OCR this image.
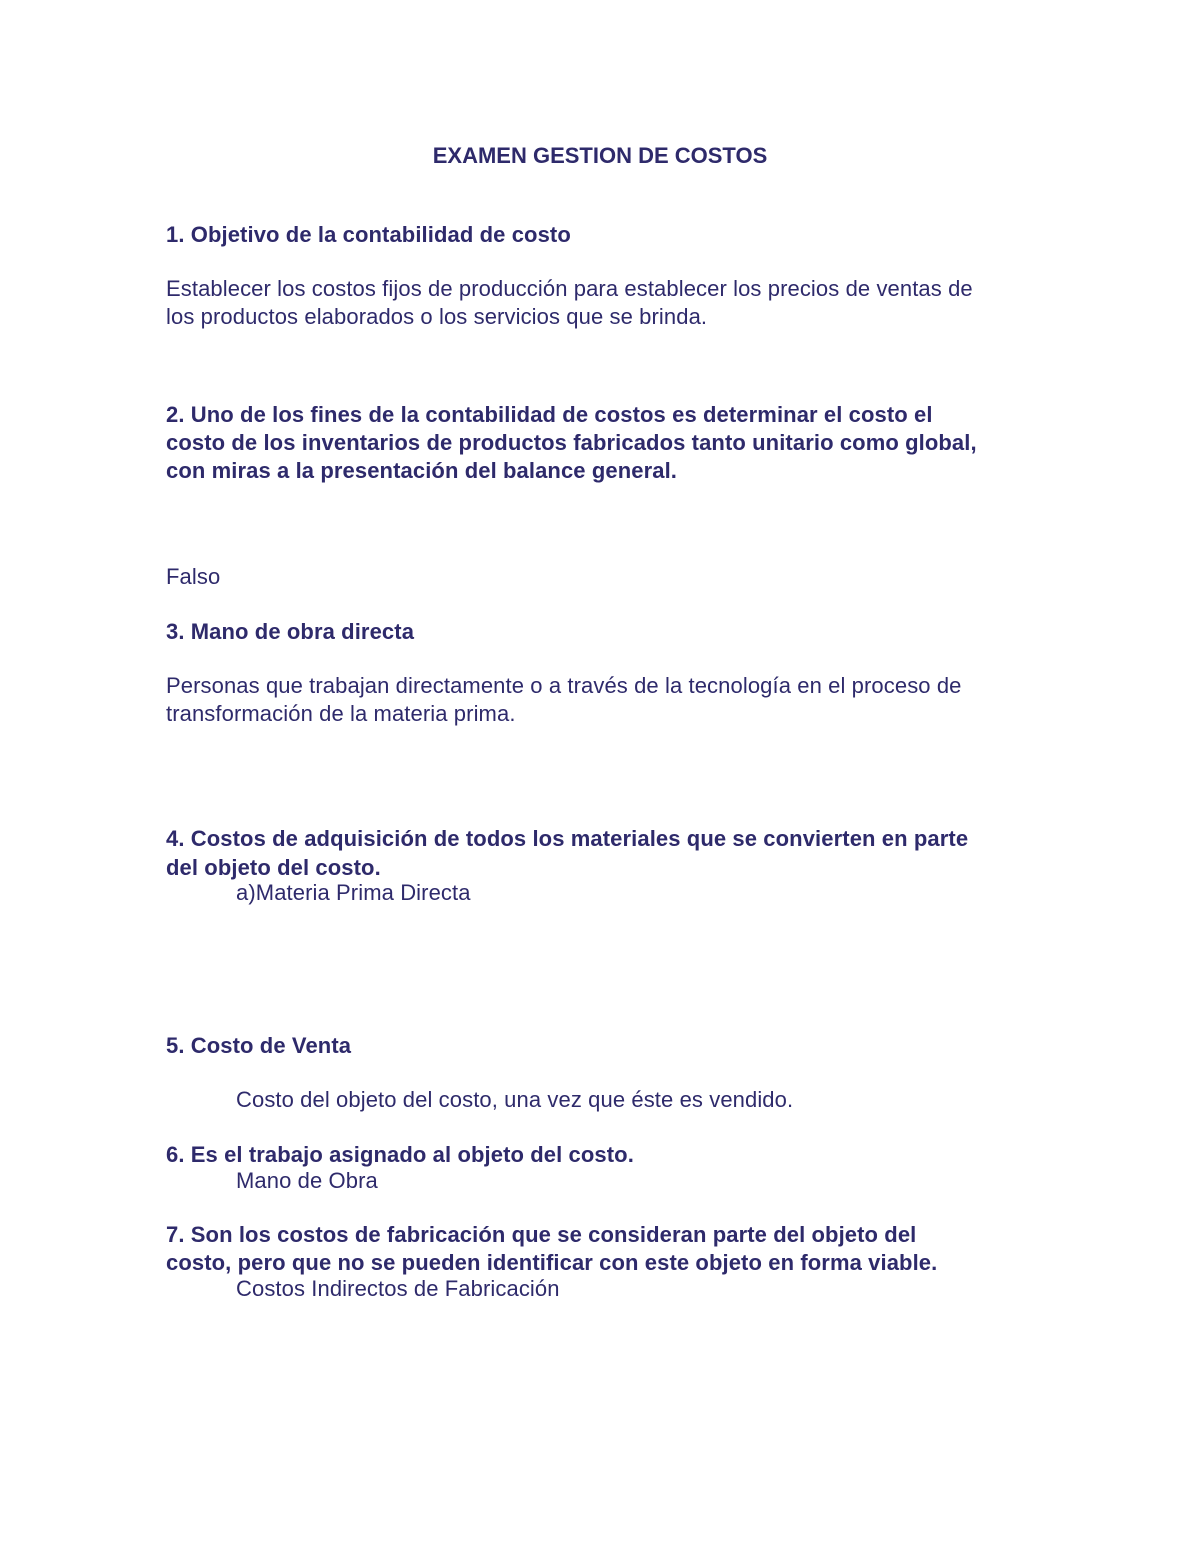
EXAMEN GESTION DE COSTOS
1. Objetivo de la contabilidad de costo
Establecer los costos fijos de producción para establecer los precios de ventas de
los productos elaborados o los servicios que se brinda.
2. Uno de los fines de la contabilidad de costos es determinar el costo el
costo de los inventarios de productos fabricados tanto unitario como global,
con miras a la presentación del balance general.
Falso
3. Mano de obra directa
Personas que trabajan directamente o a través de la tecnología en el proceso de
transformación de la materia prima.
4. Costos de adquisición de todos los materiales que se convierten en parte
del objeto del costo.
a)Materia Prima Directa
5. Costo de Venta
Costo del objeto del costo, una vez que éste es vendido.
6. Es el trabajo asignado al objeto del costo.
Mano de Obra
7. Son los costos de fabricación que se consideran parte del objeto del
costo, pero que no se pueden identificar con este objeto en forma viable.
Costos Indirectos de Fabricación
